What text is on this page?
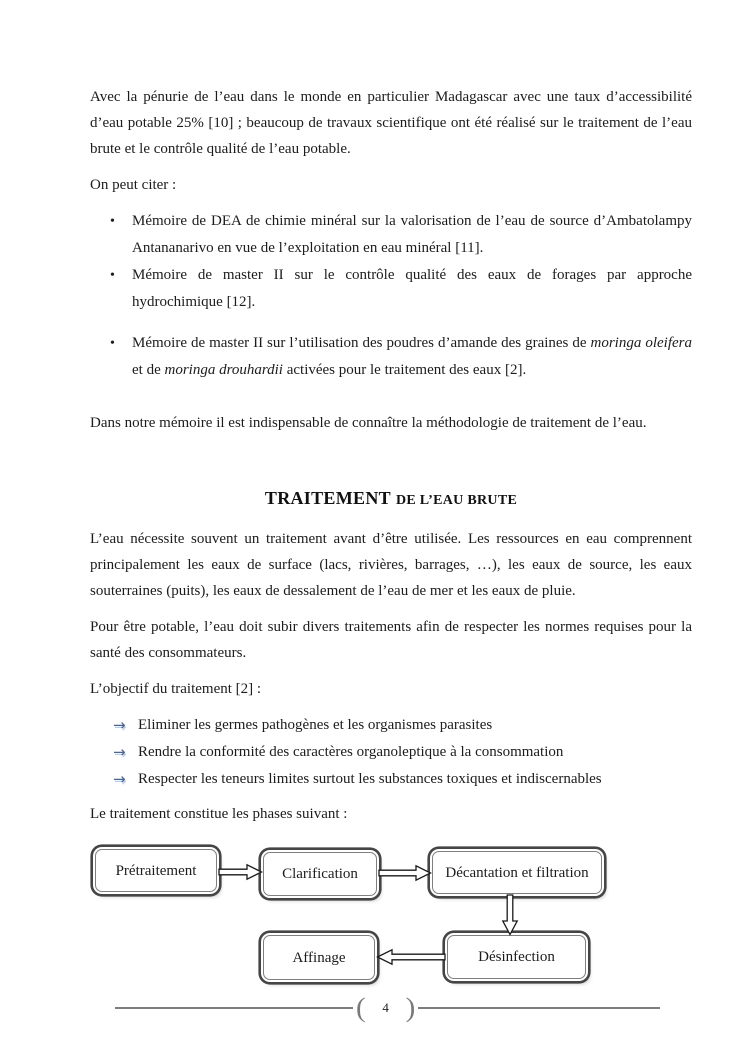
Avec la pénurie de l’eau dans le monde en particulier Madagascar avec une taux d’accessibilité d’eau potable 25% [10] ; beaucoup de travaux scientifique ont été réalisé sur le traitement de l’eau brute et le contrôle qualité de l’eau potable.

On peut citer :

•	Mémoire de DEA de chimie minéral sur la valorisation de l’eau de source d’Ambatolampy Antananarivo en vue de l’exploitation en eau minéral [11].
•	Mémoire de master II sur le contrôle qualité des eaux de forages par approche hydrochimique [12].
•	Mémoire de master II sur l’utilisation des poudres d’amande des graines de moringa oleifera et de moringa drouhardii activées pour le traitement des eaux [2].

Dans notre mémoire il est indispensable de connaître la méthodologie de traitement de l’eau.

TRAITEMENT DE L’EAU BRUTE

L’eau nécessite souvent un traitement avant d’être utilisée. Les ressources en eau comprennent principalement les eaux de surface (lacs, rivières, barrages, …), les eaux de source, les eaux souterraines (puits), les eaux de dessalement de l’eau de mer et les eaux de pluie.

Pour être potable, l’eau doit subir divers traitements afin de respecter les normes requises pour la santé des consommateurs.

L’objectif du traitement [2] :

→ Eliminer les germes pathogènes et les organismes parasites
→ Rendre la conformité des caractères organoleptique à la consommation
→ Respecter les teneurs limites surtout les substances toxiques et indiscernables

Le traitement constitue les phases suivant :

Prétraitement	Clarification	Décantation et filtration
Désinfection
Affinage
(	4 )
